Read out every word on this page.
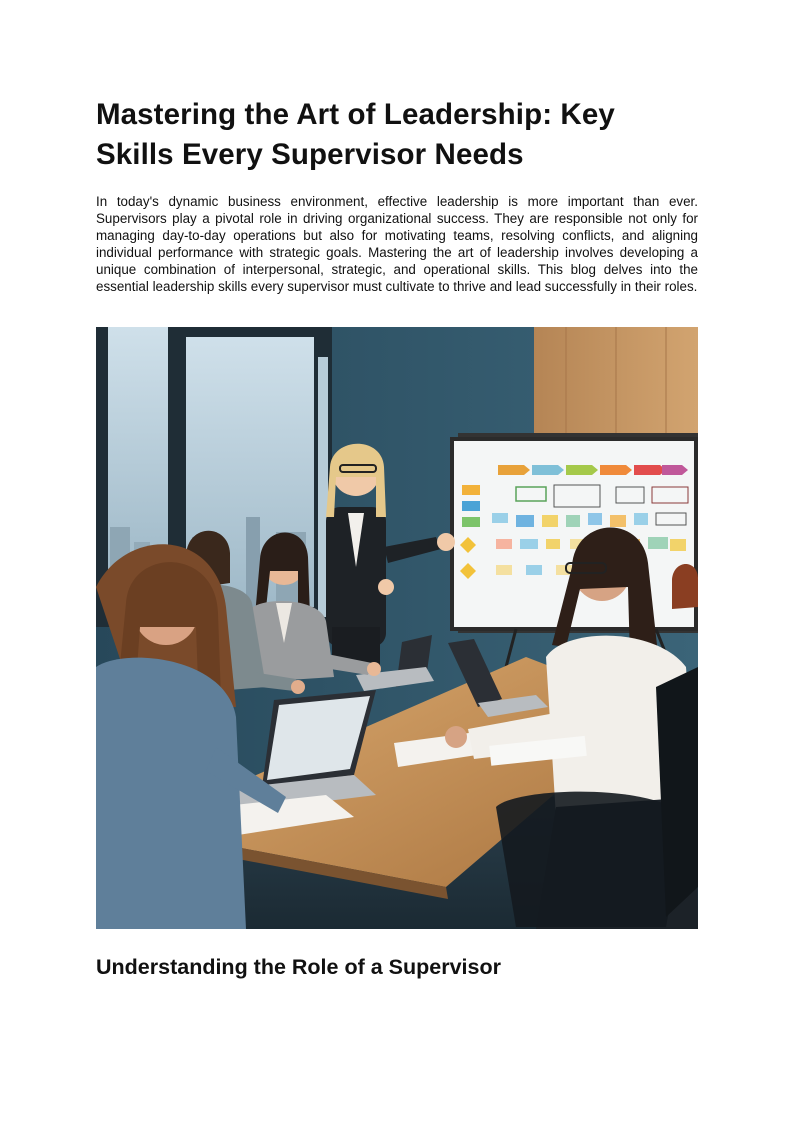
Mastering the Art of Leadership: Key Skills Every Supervisor Needs

In today's dynamic business environment, effective leadership is more important than ever. Supervisors play a pivotal role in driving organizational success. They are responsible not only for managing day-to-day operations but also for motivating teams, resolving conflicts, and aligning individual performance with strategic goals. Mastering the art of leadership involves developing a unique combination of interpersonal, strategic, and operational skills. This blog delves into the essential leadership skills every supervisor must cultivate to thrive and lead successfully in their roles.

Understanding the Role of a Supervisor
